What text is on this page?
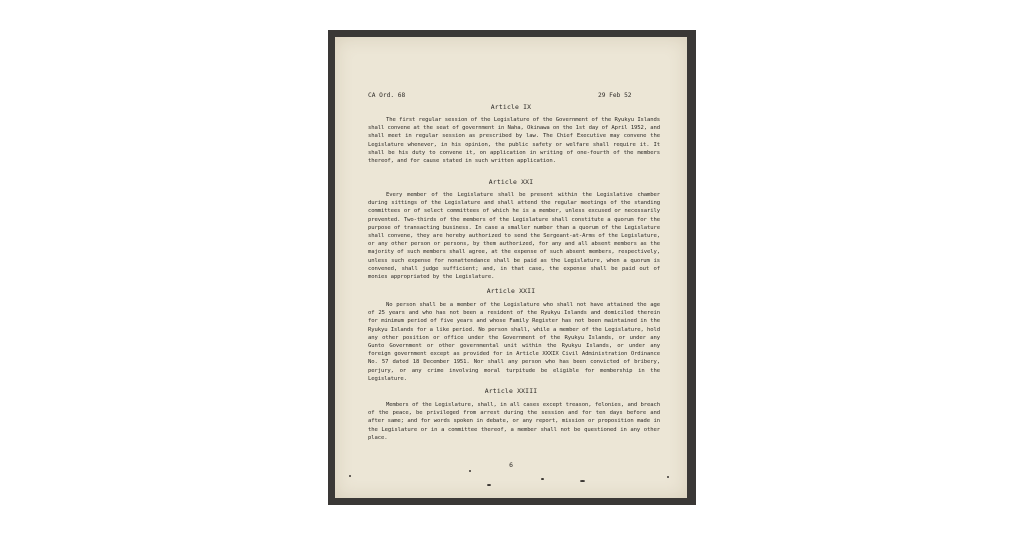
CA Ord. 68	29 Feb 52
Article IX

The first regular session of the Legislature of the Government of the Ryukyu Islands shall convene at the seat of government in Naha, Okinawa on the 1st day of April 1952, and shall meet in regular session as prescribed by law. The Chief Executive may convene the Legislature whenever, in his opinion, the public safety or welfare shall require it. It shall be his duty to convene it, on application in writing of one-fourth of the members thereof, and for cause stated in such written application.

Article XXI

Every member of the Legislature shall be present within the Legislative chamber during sittings of the Legislature and shall attend the regular meetings of the standing committees or of select committees of which he is a member, unless excused or necessarily prevented. Two-thirds of the members of the Legislature shall constitute a quorum for the purpose of transacting business. In case a smaller number than a quorum of the Legislature shall convene, they are hereby authorized to send the Sergeant-at-Arms of the Legislature, or any other person or persons, by them authorized, for any and all absent members as the majority of such members shall agree, at the expense of such absent members, respectively, unless such expense for nonattendance shall be paid as the Legislature, when a quorum is convened, shall judge sufficient; and, in that case, the expense shall be paid out of monies appropriated by the Legislature.

Article XXII

No person shall be a member of the Legislature who shall not have attained the age of 25 years and who has not been a resident of the Ryukyu Islands and domiciled therein for minimum period of five years and whose Family Register has not been maintained in the Ryukyu Islands for a like period. No person shall, while a member of the Legislature, hold any other position or office under the Government of the Ryukyu Islands, or under any Gunto Government or other governmental unit within the Ryukyu Islands, or under any foreign government except as provided for in Article XXXIX Civil Administration Ordinance No. 57 dated 18 December 1951. Nor shall any person who has been convicted of bribery, perjury, or any crime involving moral turpitude be eligible for membership in the Legislature.

Article XXIII

Members of the Legislature, shall, in all cases except treason, felonies, and breach of the peace, be privileged from arrest during the session and for ten days before and after same; and for words spoken in debate, or any report, mission or proposition made in the Legislature or in a committee thereof, a member shall not be questioned in any other place.

6
